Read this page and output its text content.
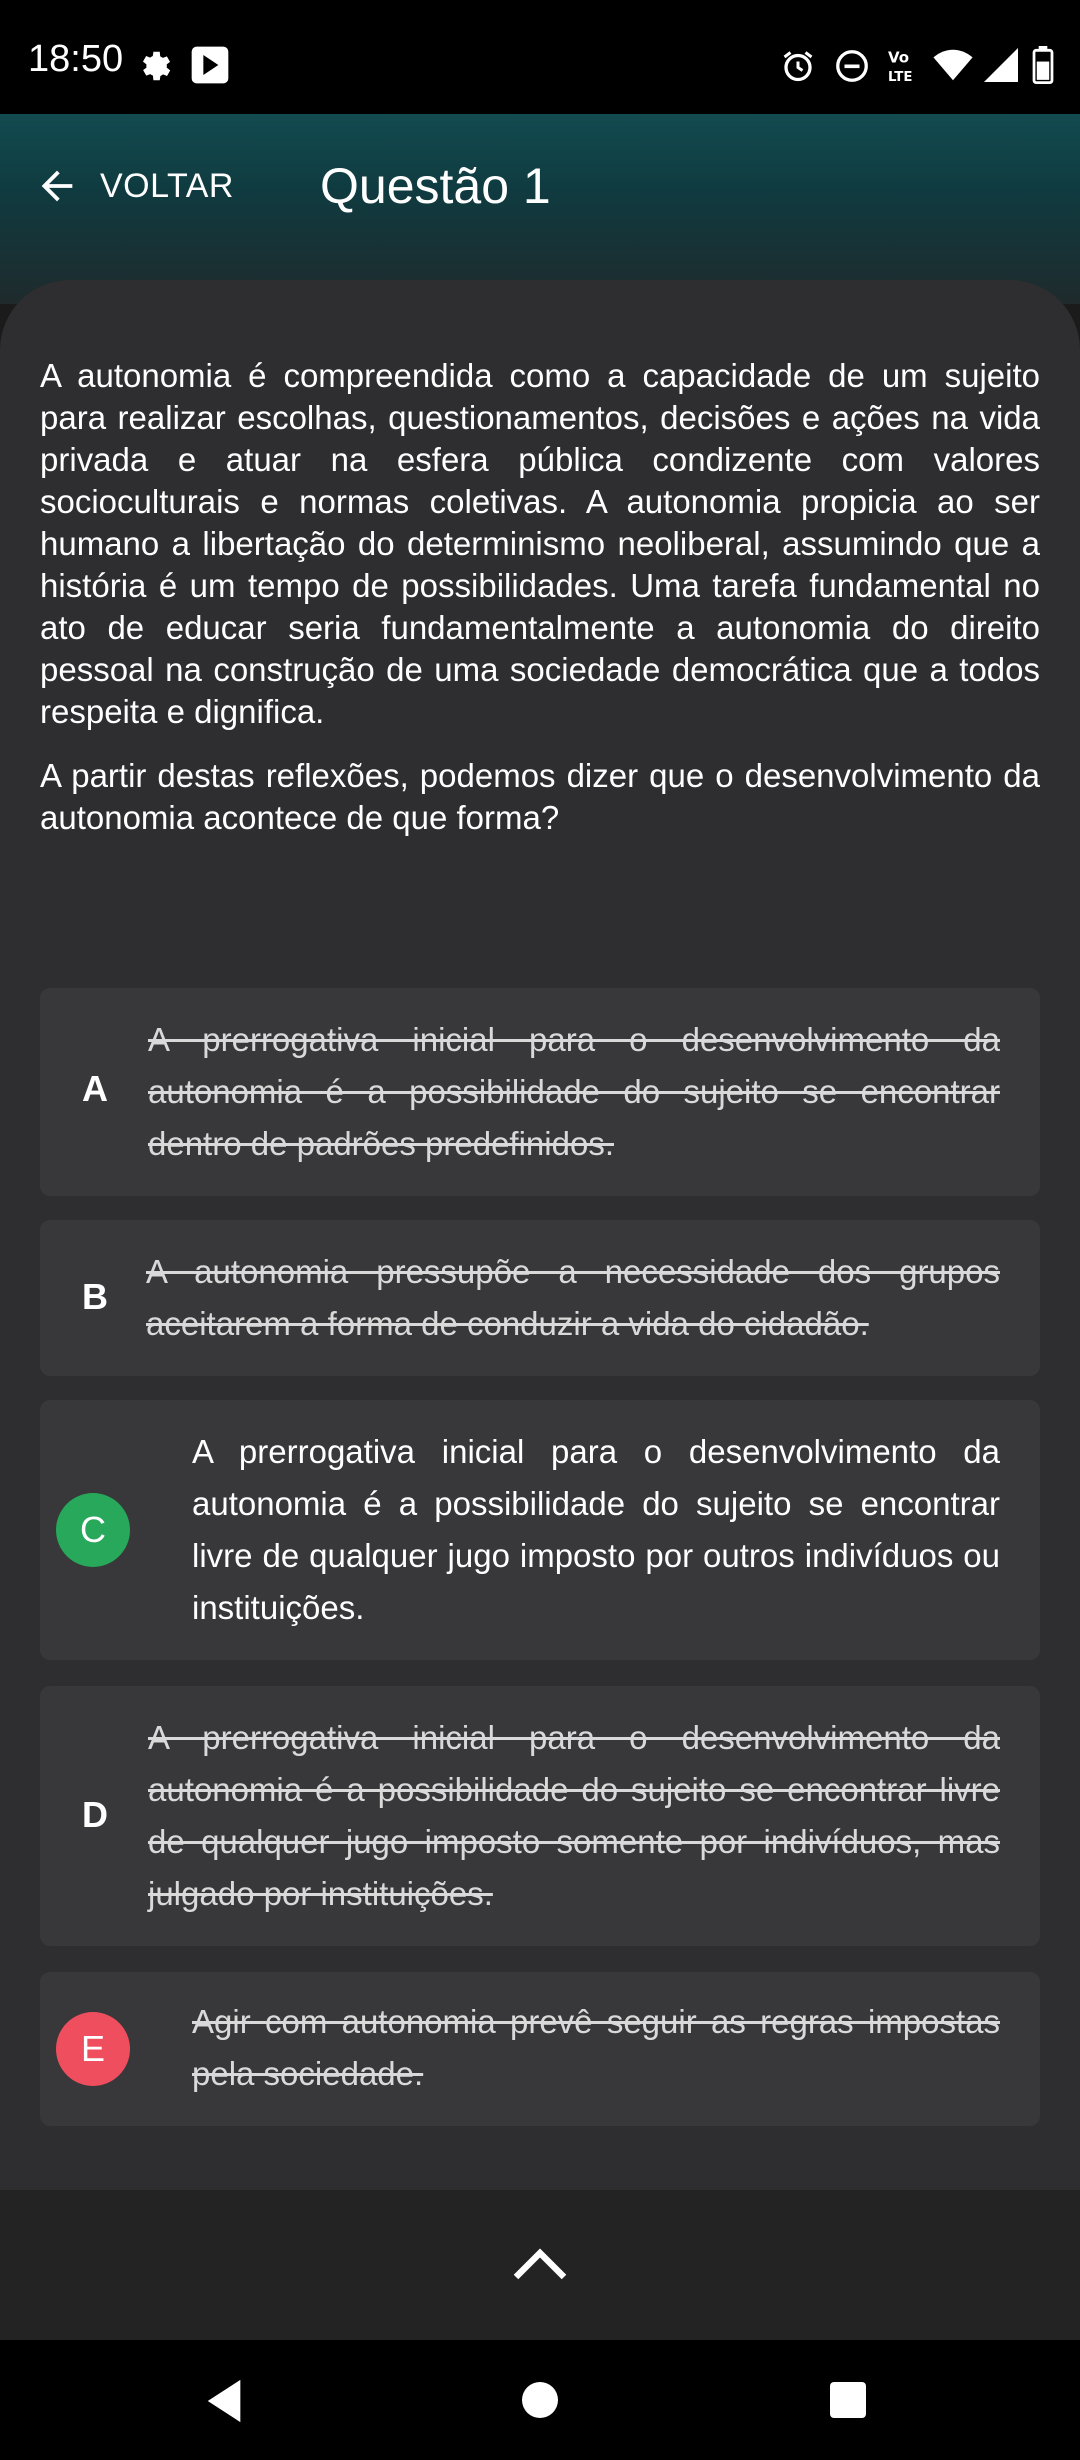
18:50	Vo
LTE
VOLTAR Questão 1

A autonomia é compreendida como a capacidade de um sujeito para realizar escolhas, questionamentos, decisões e ações na vida privada e atuar na esfera pública condizente com valores socioculturais e normas coletivas. A autonomia propicia ao ser humano a libertação do determinismo neoliberal, assumindo que a história é um tempo de possibilidades. Uma tarefa fundamental no ato de educar seria fundamentalmente a autonomia do direito pessoal na construção de uma sociedade democrática que a todos respeita e dignifica.

A partir destas reflexões, podemos dizer que o desenvolvimento da autonomia acontece de que forma?

A
A prerrogativa inicial para o desenvolvimento da autonomia é a possibilidade do sujeito se encontrar dentro de padrões predefinidos.
B
A autonomia pressupõe a necessidade dos grupos aceitarem a forma de conduzir a vida do cidadão.
C
A prerrogativa inicial para o desenvolvimento da autonomia é a possibilidade do sujeito se encontrar livre de qualquer jugo imposto por outros indivíduos ou instituições.
D
A prerrogativa inicial para o desenvolvimento da autonomia é a possibilidade do sujeito se encontrar livre de qualquer jugo imposto somente por indivíduos, mas julgado por instituições.
E
Agir com autonomia prevê seguir as regras impostas pela sociedade.
